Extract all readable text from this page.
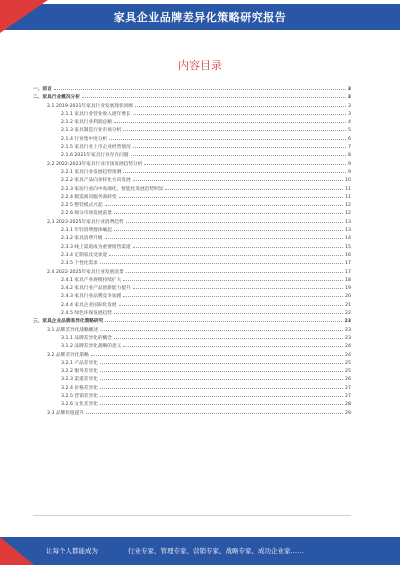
家具企业品牌差异化策略研究报告
内容目录
一、前言	3
二、家具行业概况分析	3
2.1 2019-2021年家具行业发展现状回顾	3
2.1.1 家具行业营业收入逐年增长	3
2.1.2 家具行业利润总额	4
2.1.3 家具制造行业市场分析	5
2.1.4 行业集中度分析	6
2.1.5 家具行业上市企业经营情况	7
2.1.6 2021年家具行业存在问题	8
2.2 2022-2023年家具行业市场发展趋势分析	9
2.2.1 家具行业发展趋势预测	9
2.2.2 家具产品向多样化方向发展	10
2.2.3 家居行业向中高端化、智能化发展趋势明显	11
2.2.4 制造商向服务商转变	11
2.2.5 整装模式兴起	12
2.2.6 细分市场发展前景	12
2.3 2023-2025年家具行业消费趋势	13
2.3.1 年轻消费群体崛起	13
2.3.2 家具消费升级	14
2.3.3 线上渠道成为重要销售渠道	15
2.3.4 定制家具受欢迎	16
2.3.5 个性化需求	17
2.4 2022-2025年家具行业发展前景	17
2.4.1 家具产业规模持续扩大	18
2.4.2 家具行业产品创新能力提升	19
2.4.3 家具行业品牌竞争加剧	20
2.4.4 家具企业国际化发展	21
2.4.5 绿色环保发展趋势	22
三、家具企业品牌差异化策略研究	23
3.1 品牌差异化战略概述	23
3.1.1 品牌差异化的概念	23
3.1.2 品牌差异化战略的意义	24
3.2 品牌差异化策略	24
3.2.1 产品差异化	25
3.2.2 服务差异化	25
3.2.3 渠道差异化	26
3.2.4 价格差异化	27
3.2.5 营销差异化	27
3.2.6 文化差异化	28
3.3 品牌价值提升	29
让每个人都能成为	行业专家、管理专家、营销专家、战略专家、成功企业家……
